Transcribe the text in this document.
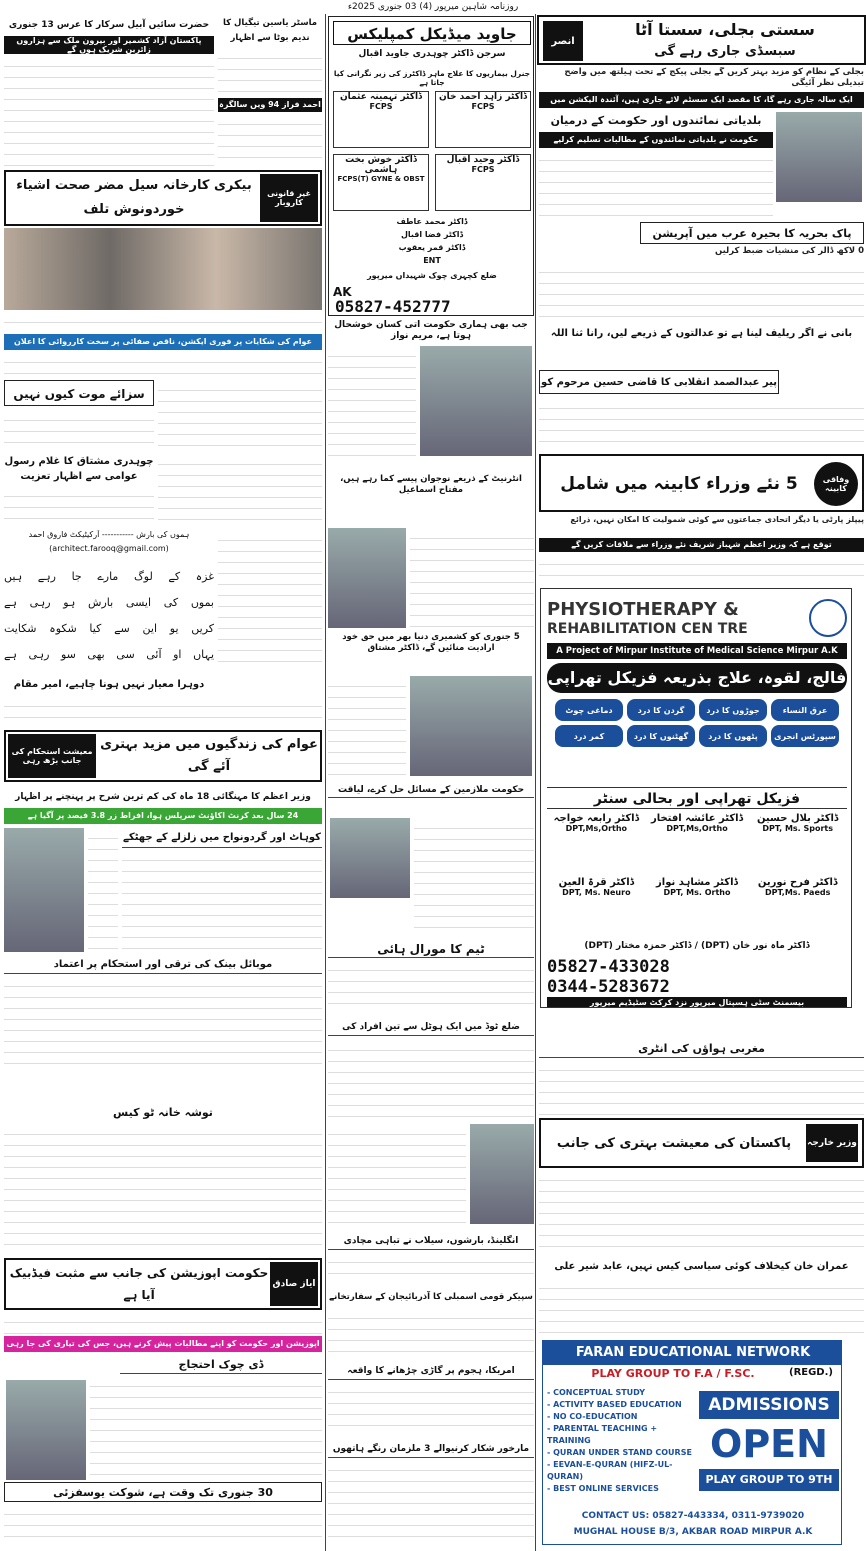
روزنامہ شاہین میرپور (4) 03 جنوری 2025ء
انصر
سستی بجلی، سستا آٹا
سبسڈی جاری رہے گی
بجلی کے نظام کو مزید بہتر کریں گے بجلی پیکج کے تحت ہیلتھ میں واضح تبدیلی نظر آئیگی
ایک سالہ جاری رہے گا، کا مقصد ایک سسٹم لائے جاری ہیں، آئندہ الیکشن میں
بلدیاتی نمائندوں اور حکومت کے درمیان
حکومت نے بلدیاتی نمائندوں کے مطالبات تسلیم کرلیے
پاک بحریہ کا بحیرہ عرب میں آپریشن
0 لاکھ ڈالر کی منشیات ضبط کرلیں
بانی نے اگر ریلیف لینا ہے تو عدالتوں کے ذریعے لیں، رانا ثنا اللہ
پیر عبدالصمد انقلابی کا قاضی حسین مرحوم کو
وفاقی کابینہ
5 نئے وزراء کابینہ میں شامل
پیپلز پارٹی یا دیگر اتحادی جماعتوں سے کوئی شمولیت کا امکان نہیں، ذرائع
توقع ہے کہ وزیر اعظم شہباز شریف نئے وزراء سے ملاقات کریں گے
PHYSIOTHERAPY &
REHABILITATION CEN TRE
A Project of Mirpur Institute of Medical Science Mirpur A.K
فالج، لقوہ، علاج بذریعہ فزیکل تھراپی
دماغی چوٹ	گردن کا درد	جوڑوں کا درد	عرق النساء
کمر درد	گھٹنوں کا درد	پٹھوں کا درد	سپورٹس انجری
فزیکل تھراپی اور بحالی سنٹر
ڈاکٹر بلال حسین
DPT, Ms. Sports
ڈاکٹر عائشہ افتخار
DPT,Ms,Ortho
ڈاکٹر رابعہ خواجہ
DPT,Ms,Ortho
ڈاکٹر فرح نورین
DPT,Ms. Paeds
ڈاکٹر مشاہد نواز
DPT, Ms. Ortho
ڈاکٹر قرۃ العین
DPT, Ms. Neuro
ڈاکٹر ماہ نور خان (DPT) / ڈاکٹر حمزہ مختار (DPT)
05827-433028
0344-5283672
بیسمنٹ سٹی ہسپتال میرپور نزد کرکٹ سٹیڈیم میرپور
مغربی ہواؤں کی انٹری
وزیر خارجہ
پاکستان کی معیشت بہتری کی جانب
عمران خان کیخلاف کوئی سیاسی کیس نہیں، عابد شیر علی
FARAN EDUCATIONAL NETWORK
PLAY GROUP TO F.A / F.SC.	(REGD.)
- CONCEPTUAL STUDY
- ACTIVITY BASED EDUCATION
- NO CO-EDUCATION
- PARENTAL TEACHING + TRAINING
- QURAN UNDER STAND COURSE
- EEVAN-E-QURAN (HIFZ-UL-QURAN)
- BEST ONLINE SERVICES
ADMISSIONS
OPEN
PLAY GROUP TO 9TH
CONTACT US: 05827-443334, 0311-9739020
MUGHAL HOUSE B/3, AKBAR ROAD MIRPUR A.K
جاوید میڈیکل کمپلیکس
سرجن ڈاکٹر چوہدری جاوید اقبال
جنرل بیماریوں کا علاج ماہر ڈاکٹرز کی زیر نگرانی کیا جاتا ہے
ڈاکٹر زاہد احمد خان
FCPS
ڈاکٹر تہمینہ عثمان
FCPS
ڈاکٹر وحید اقبال
FCPS
ڈاکٹر خوش بخت ہاشمی
FCPS(T) GYNE & OBST
ڈاکٹر محمد عاطف
ڈاکٹر فضا اقبال
ڈاکٹر قمر یعقوب
ENT
ضلع کچہری چوک شہیداں میرپور
AK
05827-452777
جب بھی ہماری حکومت آتی کسان خوشحال ہوتا ہے، مریم نواز
انٹرنیٹ کے ذریعے نوجوان پیسے کما رہے ہیں، مفتاح اسماعیل
5 جنوری کو کشمیری دنیا بھر میں حق خود ارادیت منائیں گے، ڈاکٹر مشتاق
حکومت ملازمین کے مسائل حل کرے، لیاقت
ٹیم کا مورال ہائی
ضلع ٹوڈ میں ایک ہوٹل سے تین افراد کی
انگلینڈ، بارشوں، سیلاب نے تباہی مچادی
سپیکر قومی اسمبلی کا آذربائیجان کے سفارتخانے
امریکا، ہجوم پر گاڑی چڑھانے کا واقعہ
مارخور شکار کرنیوالے 3 ملزمان رنگے ہاتھوں
حضرت سائیں آبیل سرکار کا عرس 13 جنوری
پاکستان آزاد کشمیر اور بیرون ملک سے ہزاروں زائرین شریک ہوں گے
ماسٹر یاسین تیگیال کا ندیم بوٹا سے اظہار
احمد فراز 94 ویں سالگرہ
غیر قانونی کاروبار
بیکری کارخانہ سیل مضر صحت اشیاء خوردونوش تلف
عوام کی شکایات پر فوری ایکشن، ناقص صفائی پر سخت کارروائی کا اعلان
سزائے موت کیوں نہیں
چوہدری مشتاق کا غلام رسول عوامی سے اظہار تعزیت
ہموں کی بارش ----------- آرکیٹیکٹ فاروق احمد
(architect.farooq@gmail.com)
غزہ کے لوگ مارے جا رہے ہیں
بموں کی ایسی بارش ہو رہی ہے
کریں یو این سے کیا شکوہ شکایت
یہاں او آئی سی بھی سو رہی ہے
دوہرا معیار نہیں ہونا چاہیے، امیر مقام
معیشت استحکام کی جانب بڑھ رہی
عوام کی زندگیوں میں مزید بہتری آئے گی
وزیر اعظم کا مہنگائی 18 ماہ کی کم ترین شرح پر پہنچنے پر اظہار
24 سال بعد کرنٹ اکاؤنٹ سرپلس ہوا، افراط زر 3.8 فیصد پر آگیا ہے
کوہاٹ اور گردونواح میں زلزلے کے جھٹکے
موبائل بینک کی ترقی اور استحکام پر اعتماد
توشہ خانہ ٹو کیس
ایاز صادق
حکومت اپوزیشن کی جانب سے مثبت فیڈبیک آیا ہے
اپوزیشن اور حکومت کو اپنے مطالبات پیش کرنے ہیں، جس کی تیاری کی جا رہی
ڈی چوک احتجاج
30 جنوری تک وقت ہے، شوکت یوسفزئی
